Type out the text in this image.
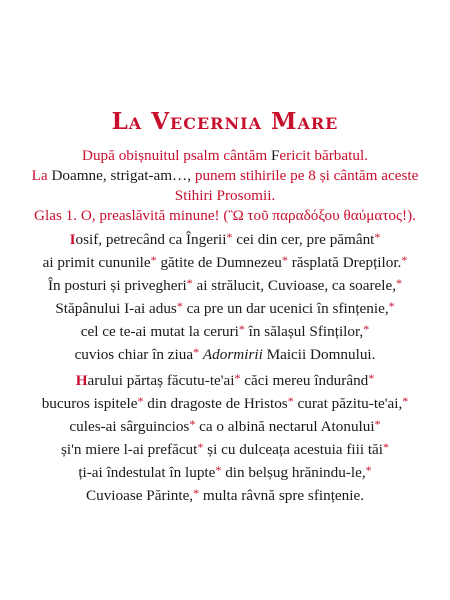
La Vecernia Mare

După obișnuitul psalm cântăm Fericit bărbatul.

La Doamne, strigat-am…, punem stihirile pe 8 și cântăm aceste

Stihiri Prosomii.

Glas 1. O, preaslăvită minune! (Ὢ τοῦ παραδόξου θαύματος!).

Iosif, petrecând ca Îngerii* cei din cer, pre pământ*

ai primit cununile* gătite de Dumnezeu* răsplată Drepților.*

În posturi și privegheri* ai strălucit, Cuvioase, ca soarele,*

Stăpânului I-ai adus* ca pre un dar ucenici în sfințenie,*

cel ce te-ai mutat la ceruri* în sălașul Sfinților,*

cuvios chiar în ziua* Adormirii Maicii Domnului.

Harului părtaș făcutu-te'ai* căci mereu îndurând*

bucuros ispitele* din dragoste de Hristos* curat păzitu-te'ai,*

cules-ai sârguincios* ca o albină nectarul Atonului*

și'n miere l-ai prefăcut* și cu dulceața acestuia fiii tăi*

ți-ai îndestulat în lupte* din belșug hrănindu-le,*

Cuvioase Părinte,* multa râvnă spre sfințenie.
